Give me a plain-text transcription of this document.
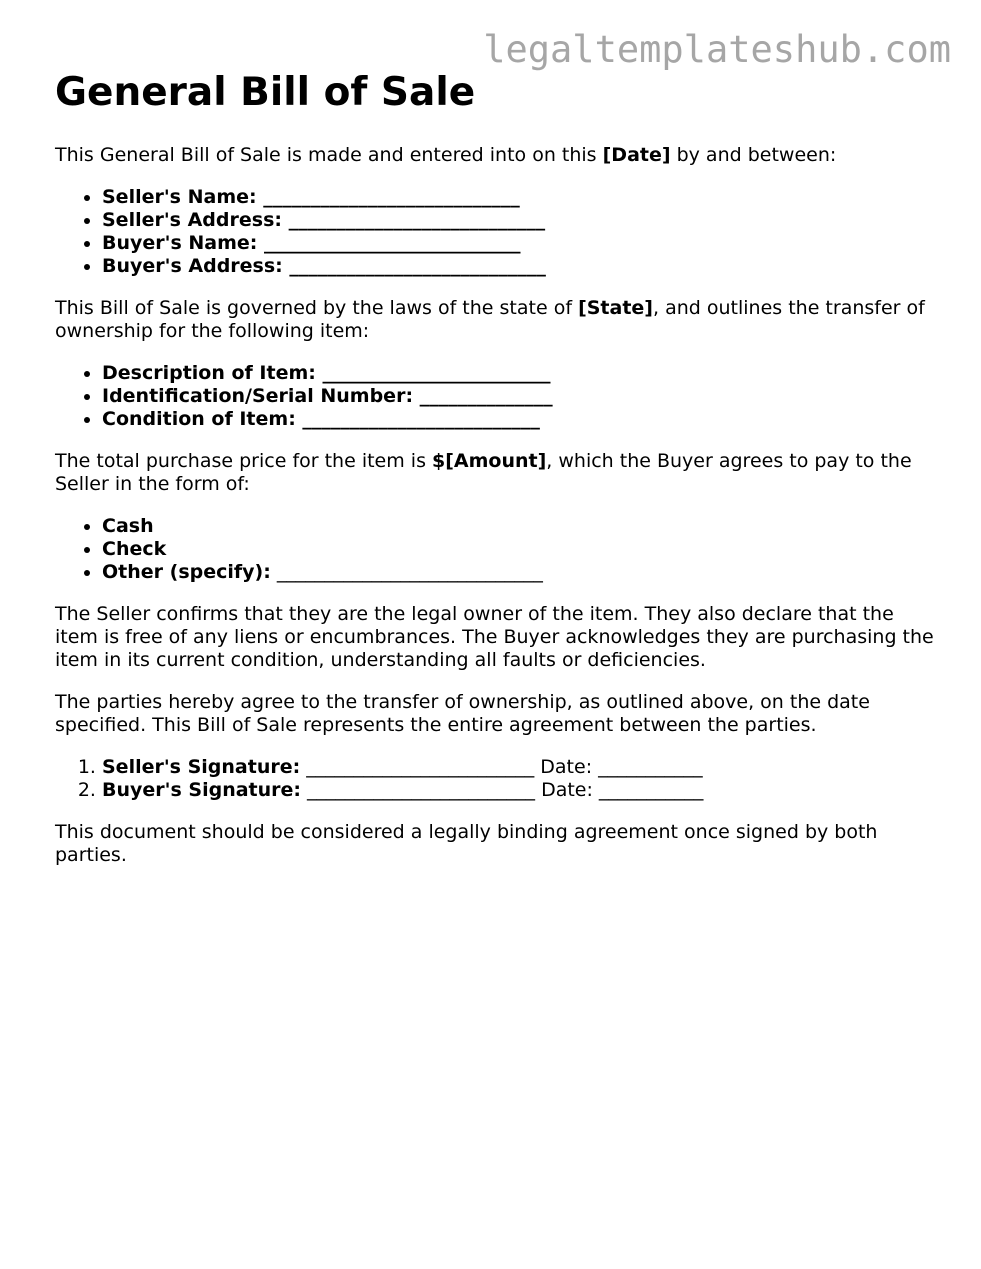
legaltemplateshub.com
General Bill of Sale

This General Bill of Sale is made and entered into on this [Date] by and between:

• Seller's Name: ___________________________
• Seller's Address: ___________________________
• Buyer's Name: ___________________________
• Buyer's Address: ___________________________

This Bill of Sale is governed by the laws of the state of [State], and outlines the transfer of ownership for the following item:

• Description of Item: ________________________
• Identification/Serial Number: ______________
• Condition of Item: _________________________

The total purchase price for the item is $[Amount], which the Buyer agrees to pay to the Seller in the form of:

• Cash
• Check
• Other (specify): ____________________________

The Seller confirms that they are the legal owner of the item. They also declare that the item is free of any liens or encumbrances. The Buyer acknowledges they are purchasing the item in its current condition, understanding all faults or deficiencies.

The parties hereby agree to the transfer of ownership, as outlined above, on the date specified. This Bill of Sale represents the entire agreement between the parties.

1. Seller's Signature: ________________________ Date: ___________
2. Buyer's Signature: ________________________ Date: ___________

This document should be considered a legally binding agreement once signed by both parties.
